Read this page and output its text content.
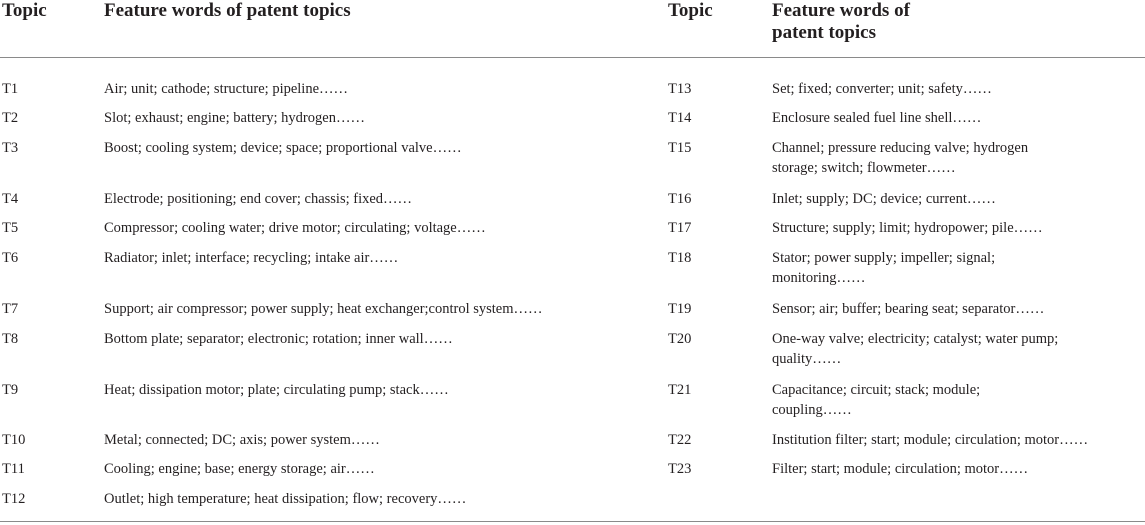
Topic	Feature words of patent topics	Topic	Feature words of
patent topics
T1	Air; unit; cathode; structure; pipeline……
T2	Slot; exhaust; engine; battery; hydrogen……
T3	Boost; cooling system; device; space; proportional valve……
T4	Electrode; positioning; end cover; chassis; fixed……
T5	Compressor; cooling water; drive motor; circulating; voltage……
T6	Radiator; inlet; interface; recycling; intake air……
T7	Support; air compressor; power supply; heat exchanger;control system……
T8	Bottom plate; separator; electronic; rotation; inner wall……
T9	Heat; dissipation motor; plate; circulating pump; stack……
T10	Metal; connected; DC; axis; power system……
T11	Cooling; engine; base; energy storage; air……
T12	Outlet; high temperature; heat dissipation; flow; recovery……
T13	Set; fixed; converter; unit; safety……
T14	Enclosure sealed fuel line shell……
T15	Channel; pressure reducing valve; hydrogen
storage; switch; flowmeter……
T16	Inlet; supply; DC; device; current……
T17	Structure; supply; limit; hydropower; pile……
T18	Stator; power supply; impeller; signal;
monitoring……
T19	Sensor; air; buffer; bearing seat; separator……
T20	One-way valve; electricity; catalyst; water pump;
quality……
T21	Capacitance; circuit; stack; module;
coupling……
T22	Institution filter; start; module; circulation; motor……
T23	Filter; start; module; circulation; motor……
